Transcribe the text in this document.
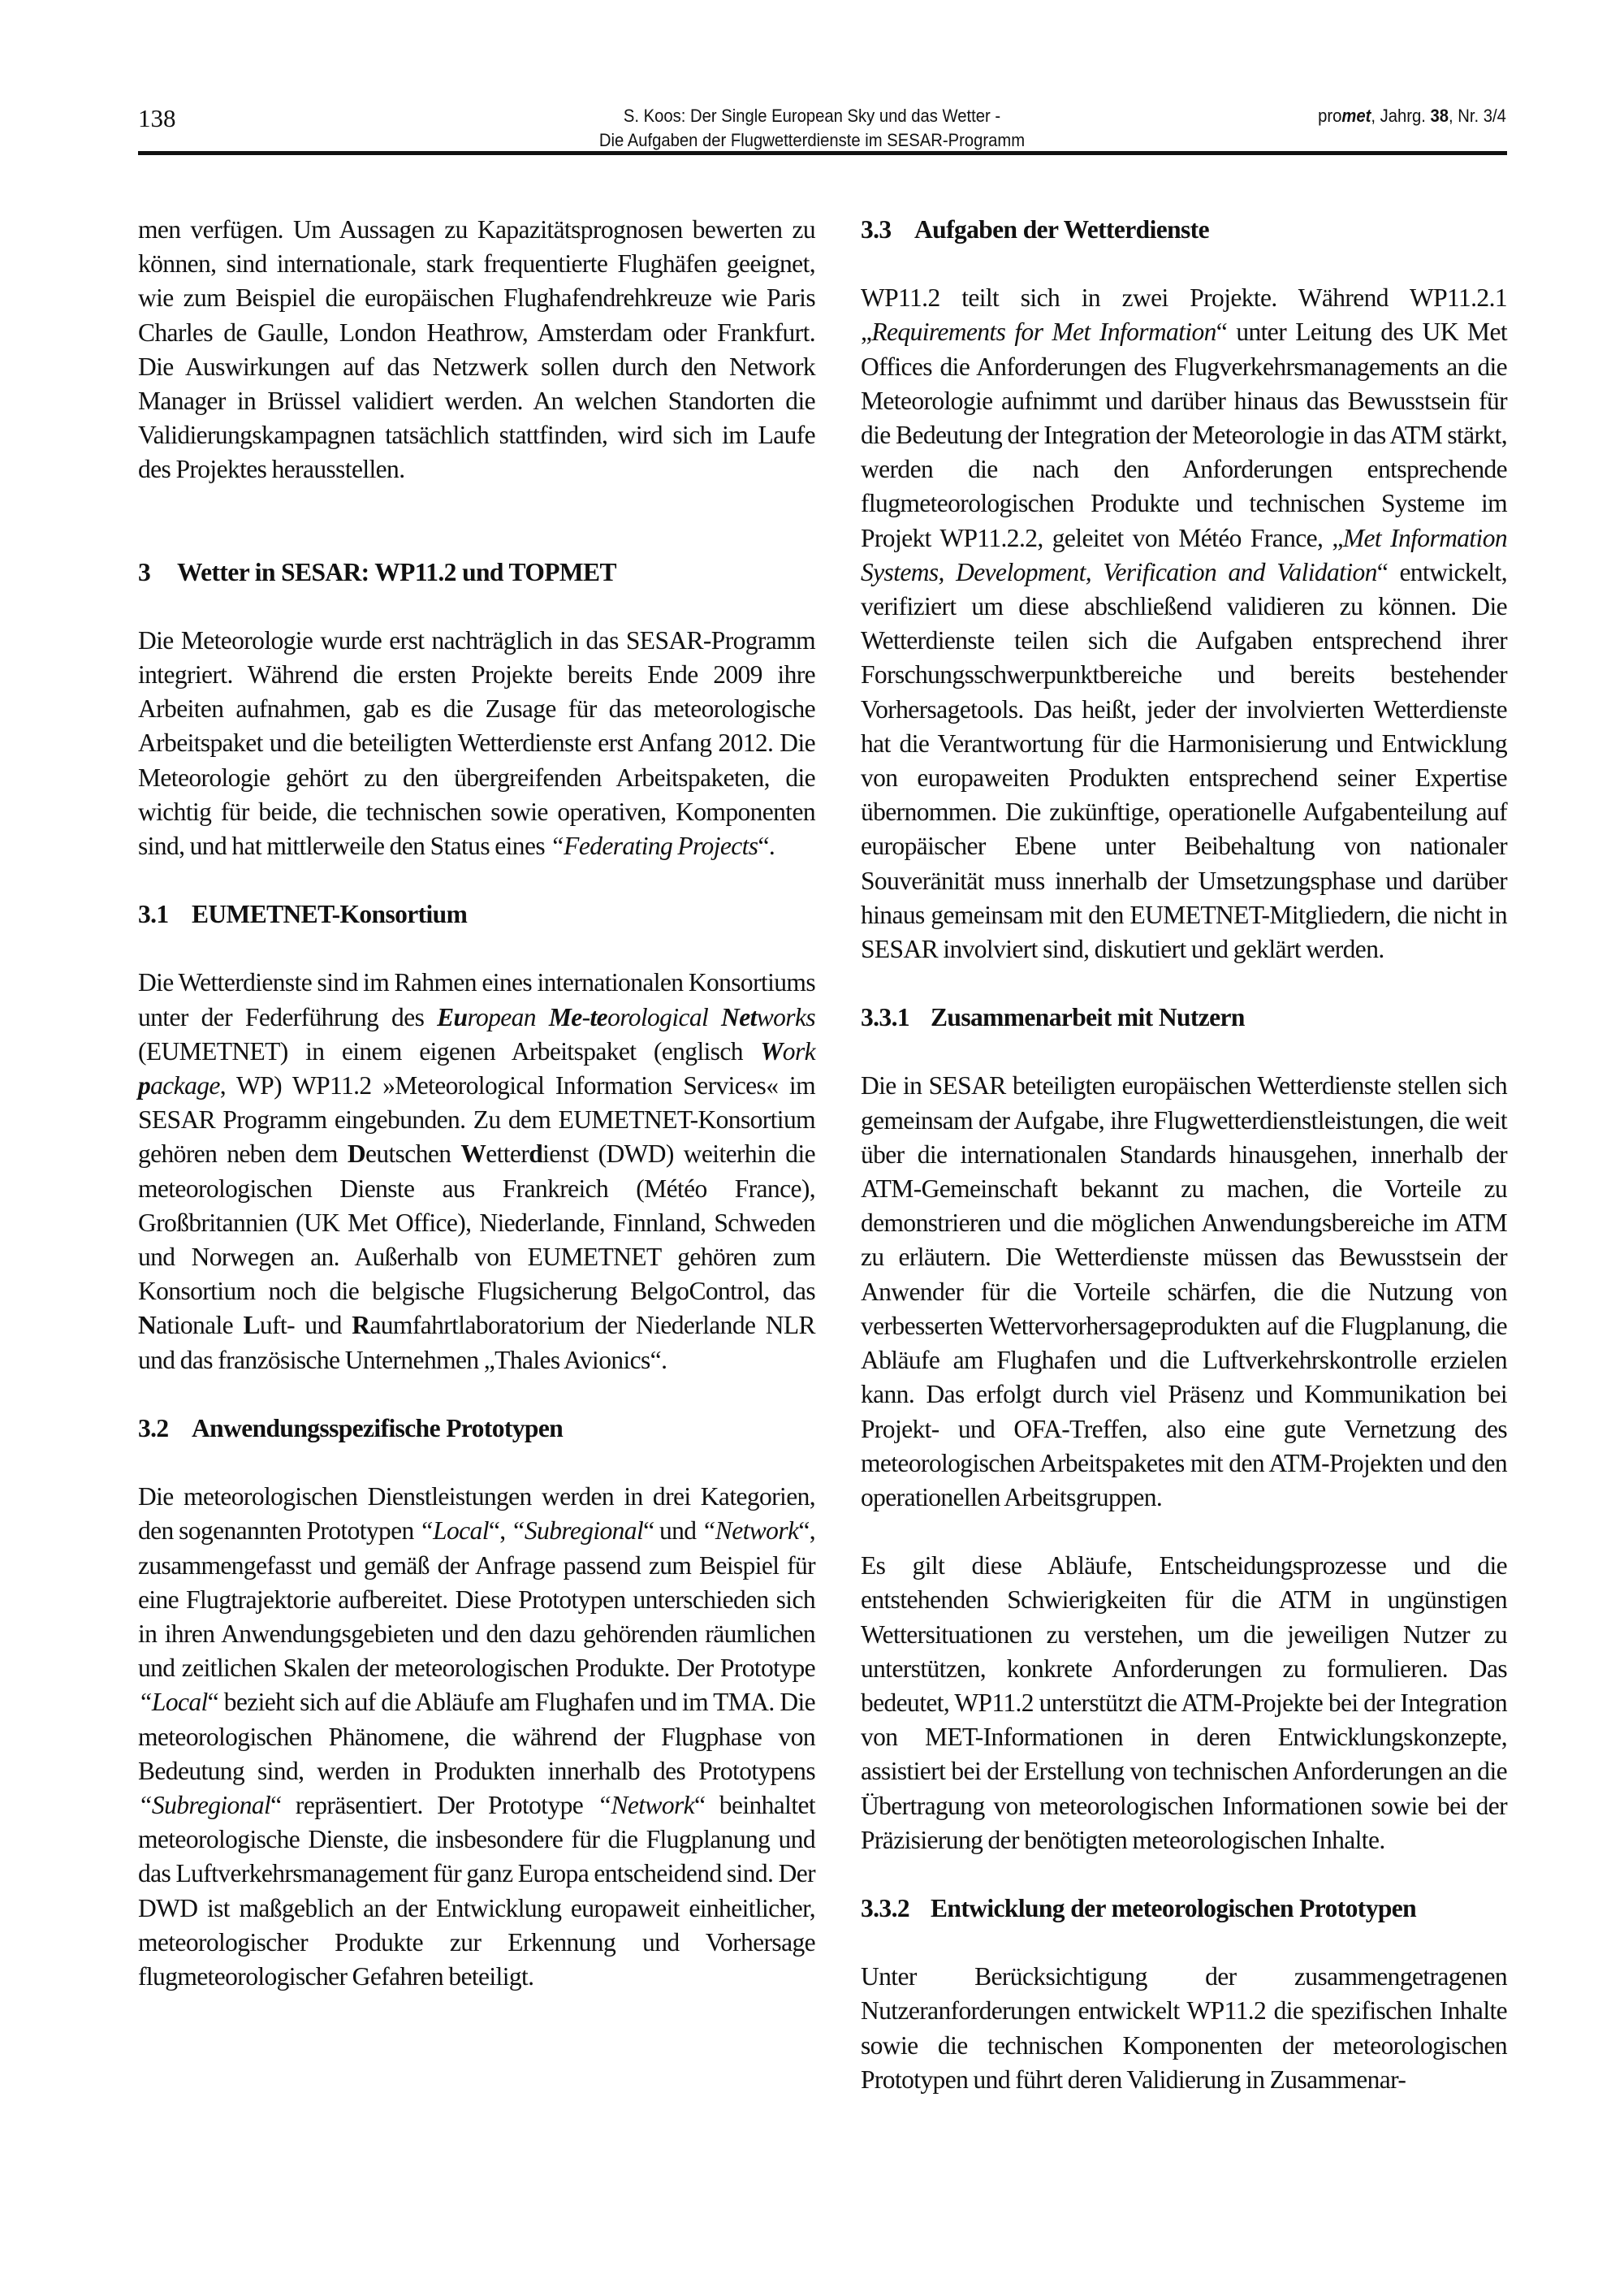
138	S. Koos: Der Single European Sky und das Wetter -
Die Aufgaben der Flugwetterdienste im SESAR-Programm
promet, Jahrg. 38, Nr. 3/4

men verfügen. Um Aussagen zu Kapazitätsprognosen bewerten zu können, sind internationale, stark frequentierte Flughäfen geeignet, wie zum Beispiel die europäischen Flughafendrehkreuze wie Paris Charles de Gaulle, London Heathrow, Amsterdam oder Frankfurt. Die Auswirkungen auf das Netzwerk sollen durch den Network Manager in Brüssel validiert werden. An welchen Standorten die Validierungskampagnen tatsächlich stattfinden, wird sich im Laufe des Projektes herausstellen.

3 Wetter in SESAR: WP11.2 und TOPMET

Die Meteorologie wurde erst nachträglich in das SESAR-Programm integriert. Während die ersten Projekte bereits Ende 2009 ihre Arbeiten aufnahmen, gab es die Zusage für das meteorologische Arbeitspaket und die beteiligten Wetterdienste erst Anfang 2012. Die Meteorologie gehört zu den übergreifenden Arbeitspaketen, die wichtig für beide, die technischen sowie operativen, Komponenten sind, und hat mittlerweile den Status eines “Federating Projects“.

3.1 EUMETNET-Konsortium

Die Wetterdienste sind im Rahmen eines internationalen Konsortiums unter der Federführung des European Me-teorological Networks (EUMETNET) in einem eigenen Arbeitspaket (englisch Work package, WP) WP11.2 »Meteorological Information Services« im SESAR Programm eingebunden. Zu dem EUMETNET-Konsortium gehören neben dem Deutschen Wetterdienst (DWD) weiterhin die meteorologischen Dienste aus Frankreich (Météo France), Großbritannien (UK Met Office), Niederlande, Finnland, Schweden und Norwegen an. Außerhalb von EUMETNET gehören zum Konsortium noch die belgische Flugsicherung BelgoControl, das Nationale Luft- und Raumfahrtlaboratorium der Niederlande NLR und das französische Unternehmen „Thales Avionics“.

3.2 Anwendungsspezifische Prototypen

Die meteorologischen Dienstleistungen werden in drei Kategorien, den sogenannten Prototypen “Local“, “Subregional“ und “Network“, zusammengefasst und gemäß der Anfrage passend zum Beispiel für eine Flugtrajektorie aufbereitet. Diese Prototypen unterschieden sich in ihren Anwendungsgebieten und den dazu gehörenden räumlichen und zeitlichen Skalen der meteorologischen Produkte. Der Prototype “Local“ bezieht sich auf die Abläufe am Flughafen und im TMA. Die meteorologischen Phänomene, die während der Flugphase von Bedeutung sind, werden in Produkten innerhalb des Prototypens “Subregional“ repräsentiert. Der Prototype “Network“ beinhaltet meteorologische Dienste, die insbesondere für die Flugplanung und das Luftverkehrsmanagement für ganz Europa entscheidend sind. Der DWD ist maßgeblich an der Entwicklung europaweit einheitlicher, meteorologischer Produkte zur Erkennung und Vorhersage flugmeteorologischer Gefahren beteiligt.

3.3 Aufgaben der Wetterdienste

WP11.2 teilt sich in zwei Projekte. Während WP11.2.1 „Requirements for Met Information“ unter Leitung des UK Met Offices die Anforderungen des Flugverkehrsmanagements an die Meteorologie aufnimmt und darüber hinaus das Bewusstsein für die Bedeutung der Integration der Meteorologie in das ATM stärkt, werden die nach den Anforderungen entsprechende flugmeteorologischen Produkte und technischen Systeme im Projekt WP11.2.2, geleitet von Météo France, „Met Information Systems, Development, Verification and Validation“ entwickelt, verifiziert um diese abschließend validieren zu können. Die Wetterdienste teilen sich die Aufgaben entsprechend ihrer Forschungsschwerpunktbereiche und bereits bestehender Vorhersagetools. Das heißt, jeder der involvierten Wetterdienste hat die Verantwortung für die Harmonisierung und Entwicklung von europaweiten Produkten entsprechend seiner Expertise übernommen. Die zukünftige, operationelle Aufgabenteilung auf europäischer Ebene unter Beibehaltung von nationaler Souveränität muss innerhalb der Umsetzungsphase und darüber hinaus gemeinsam mit den EUMETNET-Mitgliedern, die nicht in SESAR involviert sind, diskutiert und geklärt werden.

3.3.1 Zusammenarbeit mit Nutzern

Die in SESAR beteiligten europäischen Wetterdienste stellen sich gemeinsam der Aufgabe, ihre Flugwetterdienstleistungen, die weit über die internationalen Standards hinausgehen, innerhalb der ATM-Gemeinschaft bekannt zu machen, die Vorteile zu demonstrieren und die möglichen Anwendungsbereiche im ATM zu erläutern. Die Wetterdienste müssen das Bewusstsein der Anwender für die Vorteile schärfen, die die Nutzung von verbesserten Wettervorhersageprodukten auf die Flugplanung, die Abläufe am Flughafen und die Luftverkehrskontrolle erzielen kann. Das erfolgt durch viel Präsenz und Kommunikation bei Projekt- und OFA-Treffen, also eine gute Vernetzung des meteorologischen Arbeitspaketes mit den ATM-Projekten und den operationellen Arbeitsgruppen.

Es gilt diese Abläufe, Entscheidungsprozesse und die entstehenden Schwierigkeiten für die ATM in ungünstigen Wettersituationen zu verstehen, um die jeweiligen Nutzer zu unterstützen, konkrete Anforderungen zu formulieren. Das bedeutet, WP11.2 unterstützt die ATM-Projekte bei der Integration von MET-Informationen in deren Entwicklungskonzepte, assistiert bei der Erstellung von technischen Anforderungen an die Übertragung von meteorologischen Informationen sowie bei der Präzisierung der benötigten meteorologischen Inhalte.

3.3.2 Entwicklung der meteorologischen Prototypen

Unter Berücksichtigung der zusammengetragenen Nutzeranforderungen entwickelt WP11.2 die spezifischen Inhalte sowie die technischen Komponenten der meteorologischen Prototypen und führt deren Validierung in Zusammenar-
